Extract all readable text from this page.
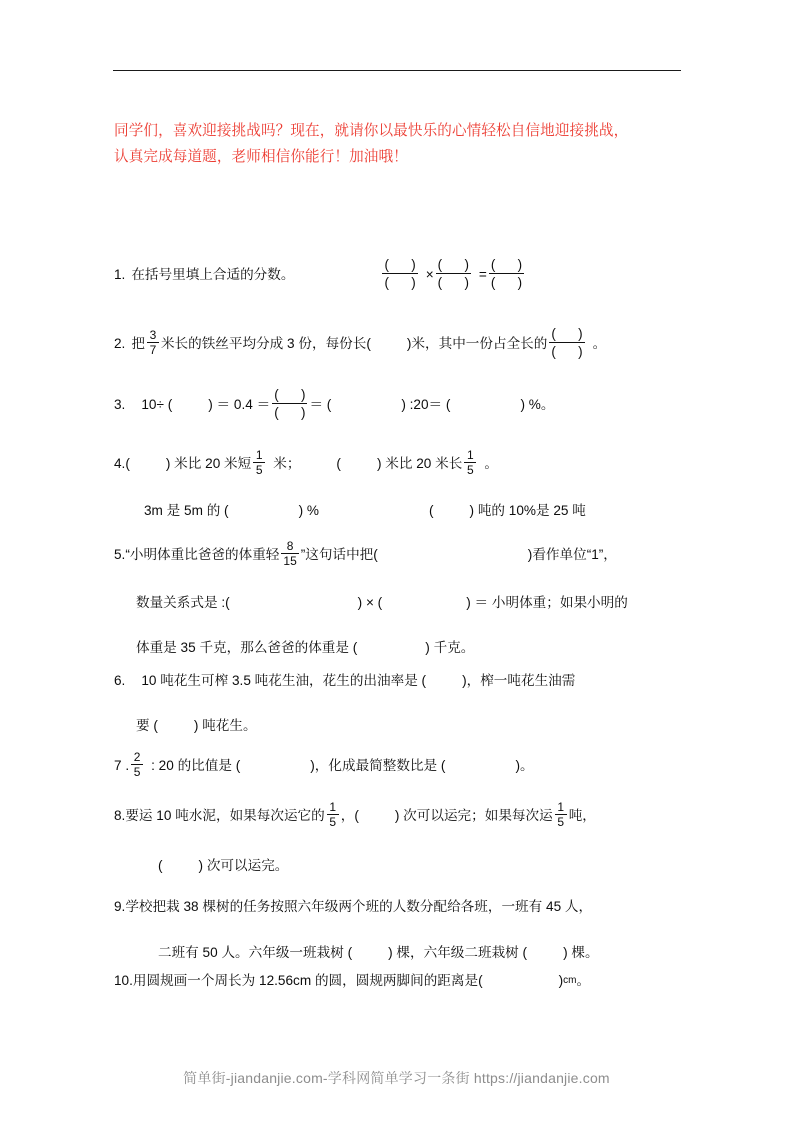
同学们，喜欢迎接挑战吗？现在，就请你以最快乐的心情轻松自信地迎接挑战，
认真完成每道题，老师相信你能行！加油哦！
1. 在括号里填上合适的分数。	$\frac{( )}{( )} \times \frac{( )}{( )} = \frac{( )}{( )}$
2. 把 $\frac{3}{7}$ 米长的铁丝平均分成 3 份，每份长(	)米，其中一份占全长的 $\frac{( )}{( )}$ 。
3. 10÷ (	) ＝ $0.4 = \frac{( )}{( )}$ ＝ (	) :20＝ (	) %。
4. (	) 米比 20 米短 $\frac{1}{5}$ 米；	(	) 米比 20 米长 $\frac{1}{5}$ 。
3m 是 5m 的 (	) %	(	) 吨的 10%是 25 吨
5. “小明体重比爸爸的体重轻 $\frac{8}{15}$ ”这句话中把(	)看作单位“1”，
数量关系式是 :(	) × (	) ＝ 小明体重；如果小明的
体重是 35 千克，那么爸爸的体重是 (	) 千克。
6. 10 吨花生可榨 3.5 吨花生油，花生的出油率是 (	)，榨一吨花生油需
要 (	) 吨花生。
7 . $\frac{2}{5}$ : 20 的比值是 (	)，化成最简整数比是 (	)。
8. 要运 10 吨水泥，如果每次运它的 $\frac{1}{5}$ ，(	) 次可以运完；如果每次运 $\frac{1}{5}$ 吨，
(	) 次可以运完。
9. 学校把栽 38 棵树的任务按照六年级两个班的人数分配给各班，一班有 45 人，
二班有 50 人。六年级一班栽树 (	) 棵，六年级二班栽树 (	) 棵。
10. 用圆规画一个周长为 12.56cm 的圆，圆规两脚间的距离是(	) cm 。
简单街-jiandanjie.com-学科网简单学习一条街 https://jiandanjie.com
